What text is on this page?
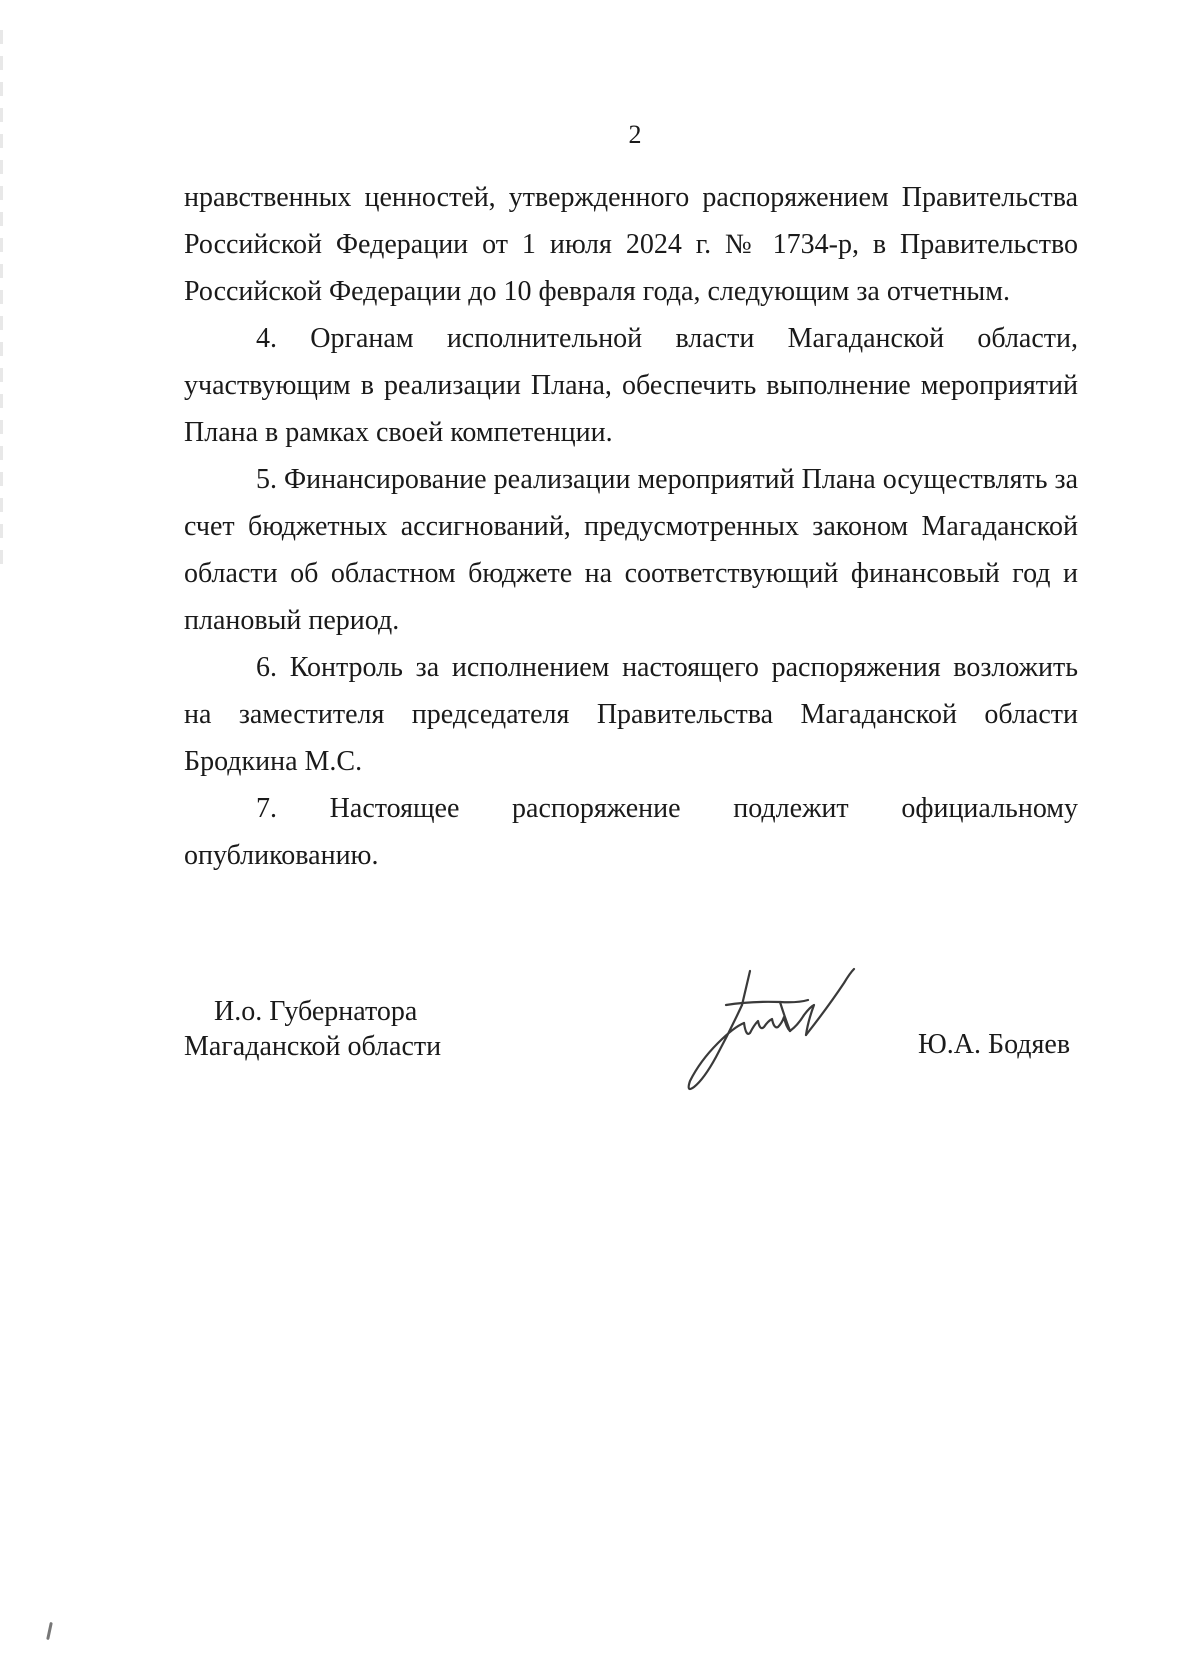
2

нравственных ценностей, утвержденного распоряжением Правительства Российской Федерации от 1 июля 2024 г. № 1734-р, в Правительство Российской Федерации до 10 февраля года, следующим за отчетным.

4. Органам исполнительной власти Магаданской области, участвующим в реализации Плана, обеспечить выполнение мероприятий Плана в рамках своей компетенции.

5. Финансирование реализации мероприятий Плана осуществлять за счет бюджетных ассигнований, предусмотренных законом Магаданской области об областном бюджете на соответствующий финансовый год и плановый период.

6. Контроль за исполнением настоящего распоряжения возложить на заместителя председателя Правительства Магаданской области Бродкина М.С.

7. Настоящее распоряжение подлежит официальному опубликованию.

И.о. Губернатора
Магаданской области	Ю.А. Бодяев
